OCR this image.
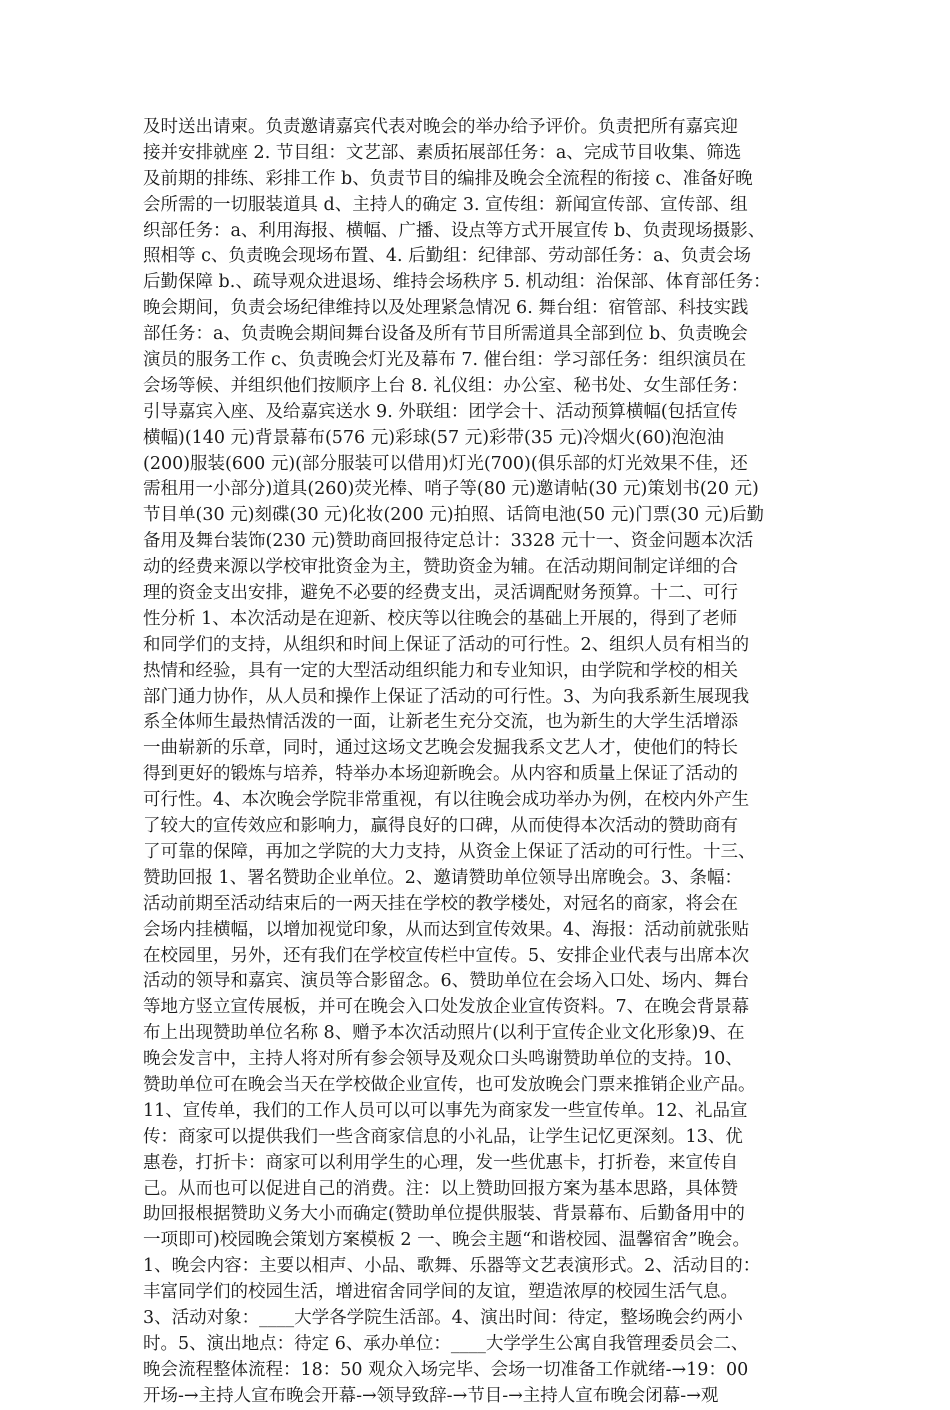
及时送出请柬。负责邀请嘉宾代表对晚会的举办给予评价。负责把所有嘉宾迎
接并安排就座 2. 节目组：文艺部、素质拓展部任务：a、完成节目收集、筛选
及前期的排练、彩排工作 b、负责节目的编排及晚会全流程的衔接 c、准备好晚
会所需的一切服装道具 d、主持人的确定 3. 宣传组：新闻宣传部、宣传部、组
织部任务：a、利用海报、横幅、广播、设点等方式开展宣传 b、负责现场摄影、
照相等 c、负责晚会现场布置、4. 后勤组：纪律部、劳动部任务：a、负责会场
后勤保障 b.、疏导观众进退场、维持会场秩序 5. 机动组：治保部、体育部任务：
晚会期间，负责会场纪律维持以及处理紧急情况 6. 舞台组：宿管部、科技实践
部任务：a、负责晚会期间舞台设备及所有节目所需道具全部到位 b、负责晚会
演员的服务工作 c、负责晚会灯光及幕布 7. 催台组：学习部任务：组织演员在
会场等候、并组织他们按顺序上台 8. 礼仪组：办公室、秘书处、女生部任务：
引导嘉宾入座、及给嘉宾送水 9. 外联组：团学会十、活动预算横幅(包括宣传
横幅)(140 元)背景幕布(576 元)彩球(57 元)彩带(35 元)冷烟火(60)泡泡油
(200)服装(600 元)(部分服装可以借用)灯光(700)(俱乐部的灯光效果不佳，还
需租用一小部分)道具(260)荧光棒、哨子等(80 元)邀请帖(30 元)策划书(20 元)
节目单(30 元)刻碟(30 元)化妆(200 元)拍照、话筒电池(50 元)门票(30 元)后勤
备用及舞台装饰(230 元)赞助商回报待定总计：3328 元十一、资金问题本次活
动的经费来源以学校审批资金为主，赞助资金为辅。在活动期间制定详细的合
理的资金支出安排，避免不必要的经费支出，灵活调配财务预算。十二、可行
性分析 1、本次活动是在迎新、校庆等以往晚会的基础上开展的，得到了老师
和同学们的支持，从组织和时间上保证了活动的可行性。2、组织人员有相当的
热情和经验，具有一定的大型活动组织能力和专业知识，由学院和学校的相关
部门通力协作，从人员和操作上保证了活动的可行性。3、为向我系新生展现我
系全体师生最热情活泼的一面，让新老生充分交流，也为新生的大学生活增添
一曲崭新的乐章，同时，通过这场文艺晚会发掘我系文艺人才，使他们的特长
得到更好的锻炼与培养，特举办本场迎新晚会。从内容和质量上保证了活动的
可行性。4、本次晚会学院非常重视，有以往晚会成功举办为例，在校内外产生
了较大的宣传效应和影响力，赢得良好的口碑，从而使得本次活动的赞助商有
了可靠的保障，再加之学院的大力支持，从资金上保证了活动的可行性。十三、
赞助回报 1、署名赞助企业单位。2、邀请赞助单位领导出席晚会。3、条幅：
活动前期至活动结束后的一两天挂在学校的教学楼处，对冠名的商家，将会在
会场内挂横幅，以增加视觉印象，从而达到宣传效果。4、海报：活动前就张贴
在校园里，另外，还有我们在学校宣传栏中宣传。5、安排企业代表与出席本次
活动的领导和嘉宾、演员等合影留念。6、赞助单位在会场入口处、场内、舞台
等地方竖立宣传展板，并可在晚会入口处发放企业宣传资料。7、在晚会背景幕
布上出现赞助单位名称 8、赠予本次活动照片(以利于宣传企业文化形象)9、在
晚会发言中，主持人将对所有参会领导及观众口头鸣谢赞助单位的支持。10、
赞助单位可在晚会当天在学校做企业宣传，也可发放晚会门票来推销企业产品。
11、宣传单，我们的工作人员可以可以事先为商家发一些宣传单。12、礼品宣
传：商家可以提供我们一些含商家信息的小礼品，让学生记忆更深刻。13、优
惠卷，打折卡：商家可以利用学生的心理，发一些优惠卡，打折卷，来宣传自
己。从而也可以促进自己的消费。注：以上赞助回报方案为基本思路，具体赞
助回报根据赞助义务大小而确定(赞助单位提供服装、背景幕布、后勤备用中的
一项即可)校园晚会策划方案模板 2 一、晚会主题“和谐校园、温馨宿舍”晚会。
1、晚会内容：主要以相声、小品、歌舞、乐器等文艺表演形式。2、活动目的：
丰富同学们的校园生活，增进宿舍同学间的友谊，塑造浓厚的校园生活气息。
3、活动对象：____大学各学院生活部。4、演出时间：待定，整场晚会约两小
时。5、演出地点：待定 6、承办单位：____大学学生公寓自我管理委员会二、
晚会流程整体流程：18：50 观众入场完毕、会场一切准备工作就绪-→19：00
开场-→主持人宣布晚会开幕-→领导致辞-→节目-→主持人宣布晚会闭幕-→观
